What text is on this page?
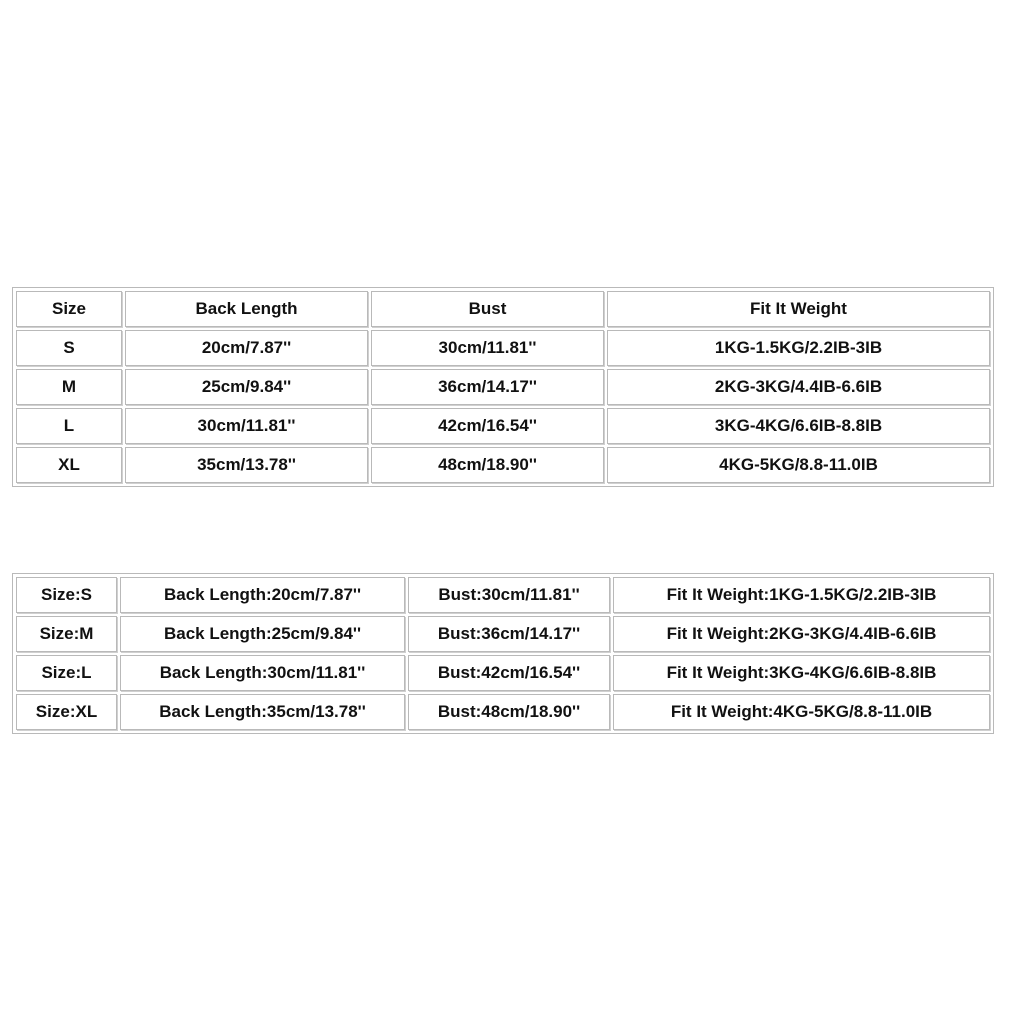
Size	Back Length	Bust	Fit It Weight
S	20cm/7.87''	30cm/11.81''	1KG-1.5KG/2.2IB-3IB
M	25cm/9.84''	36cm/14.17''	2KG-3KG/4.4IB-6.6IB
L	30cm/11.81''	42cm/16.54''	3KG-4KG/6.6IB-8.8IB
XL	35cm/13.78''	48cm/18.90''	4KG-5KG/8.8-11.0IB
Size:S	Back Length:20cm/7.87''	Bust:30cm/11.81''	Fit It Weight:1KG-1.5KG/2.2IB-3IB
Size:M	Back Length:25cm/9.84''	Bust:36cm/14.17''	Fit It Weight:2KG-3KG/4.4IB-6.6IB
Size:L	Back Length:30cm/11.81''	Bust:42cm/16.54''	Fit It Weight:3KG-4KG/6.6IB-8.8IB
Size:XL	Back Length:35cm/13.78''	Bust:48cm/18.90''	Fit It Weight:4KG-5KG/8.8-11.0IB
